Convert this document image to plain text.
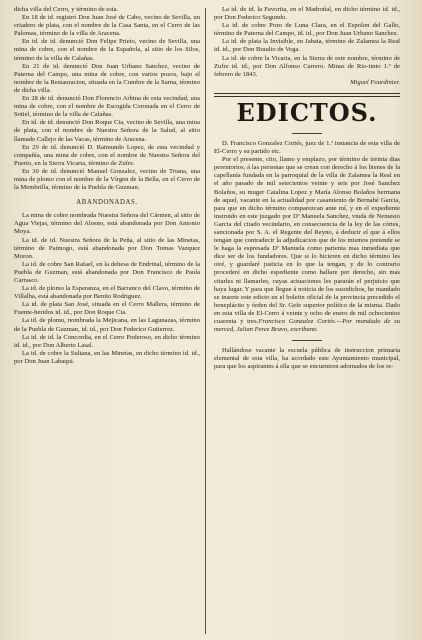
dicha villa del Cerro, y término de esta.

En 18 de id. registró Don Juan José de Cabo, vecino de Sevilla, un criadero de plata, con el nombre de la Casa Santa, en el Cerro de las Palomas, término de la villa de Aracena.

En id. de id. denunció Don Felipe Prieto, vecino de Sevilla, una mina de cobre, con el nombre de la Española, al sitio de los Silos, término de la villa de Calañas.

En 21 de id. denunció Don Juan Urbano Sanchez, vecino de Paterna del Campo, una mina de cobre, con varios pozos, bajo el nombre de la Restauracion, situada en la Cumbre de la Sarna, término de dicha villa.

En 28 de id. denunció Don Florencio Arbina de esta vecindad, una mina de cobre, con el nombre de Escogida Coronada en el Cerro de Sotiel, término de la villa de Calañas.

En id. de id. denunció Don Roque Cia, vecino de Sevilla, una mina de plata, con el nombre de Nuestra Señora de la Salud, al sitio llamado Callejo de las Vacas, término de Aracena.

En 29 de id. denunció D. Raimundo Lopez, de esta vecindad y compañía, una mina de cobre, con el nombre de Nuestra Señora del Puerto, en la Sierra Vicaria, término de Zufre.

En 30 de id. denunció Manuel Gonzalez, vecino de Triana, una mina de plomo con el nombre de la Vírgen de la Bella, en el Cerro de la Membrilla, término de la Puebla de Guzman.

ABANDONADAS.

La mina de cobre nombrada Nuestra Señora del Cármen, al sitio de Agua Viejas, término del Alosno, está abandonada por Don Antonio Moya.

La id. de id. Nuestra Señora de la Peña, al sitio de las Minetas, término de Paimogo, está abandonada por Don Tomas Vazquez Moron.

La id. de cobre San Rafael, en la dehesa de Endrinal, término de la Puebla de Guzman, está abandonada por Don Francisco de Paula Carrasco.

La id. de plomo la Esperanza, en el Barranco del Clavo, término de Villalba, está abandonada por Benito Rodriguez.

La id. de plata San José, situada en el Cerro Mallera, término de Fuente-heridos id. id., por Don Roque Cia.

La id. de plomo, nombrada la Mejicana, en las Lagunazas, término de la Puebla de Guzman, id. id., por Don Federico Gutierrez.

La id. de id. la Concordia, en el Cerro Poderoso, en dicho término id. id., por Don Alberto Lasal.

La id. de cobre la Sultana, en las Minetas, en dicho término id. id., por Don Juan Labaqui.

La id. de id. la Favorita, en el Madroñal, en dicho término id. id., por Don Federico Segundo.

La id. de cobre Pozo de Luna Clara, en el Espolon del Gallo, término de Paterna del Campo, id. id., por Don Juan Urbano Sanchez.

La id. de plata la Invisible, en Jabata, término de Zalamea la Real id. id., por Don Braulio de Vega.

La id. de cobre la Vicaria, en la Sierra de este nombre, término de Zufre id. id., por Don Alfonso Carrero. Minas de Rio-tinto 1.º de febrero de 1843.

Miguel Fourdinier.

EDICTOS.

D. Francisco Gonzalez Cortés, juez de 1.ª instancia de esta villa de El-Cerro y su partido etc.

Por el presente, cito, llamo y emplazo, por término de treinta dias perentorios, á las personas que se crean con derecho á los bienes de la capellanía fundada en la parroquial de la villa de Zalamea la Real en el año pasado de mil setecientos veinte y seis por José Sanchez Bolaños, su muger Catalina Lopez y María Alonso Bolaños hermana de aquel, vacante en la actualidad por casamiento de Bernabé Garcia, para que en dicho término comparezcan ante mí, y en el expediente instruido en este juzgado por Dª Manuela Sanchez, viuda de Nemesio Garcia del citado vecindario, en consecuencia de la ley de las córtes, sancionada por S. A. el Regente del Reyno, á deducir el que á ellos tengan que contradecir la adjudicacion que de los mismos pretende se le haga la espresada Dª Manuela como parienta mas inmediata que dice ser de los fundadores. Que si lo hicieren en dicho término les oiré, y guardaré justicia en lo que la tengan, y de lo contrario procederé en dicho espediente como hallare por derecho, sin mas citarles ni llamarles, cuyas actuaciones les pararán el perjuicio que haya lugar. Y para que llegue á noticia de los susodichos, he mandado se inserte este edicto en el boletin oficial de la provincia precedido el beneplácito y órden del Sr. Gefe superior político de la misma. Dado en esta villa de El-Cerro á veinte y ocho de enero de mil ochocientos cuarenta y tres.Francisco Gonzalez Cortés.—Por mandado de su merced, Julian Perez Bravo, escribano.

Hallándose vacante la escuela pública de instruccion primaria elemental de esta villa, ha acordado este Ayuntamiento municipal, para que los aspirantes á ella que se encuentren adornados de los re-
